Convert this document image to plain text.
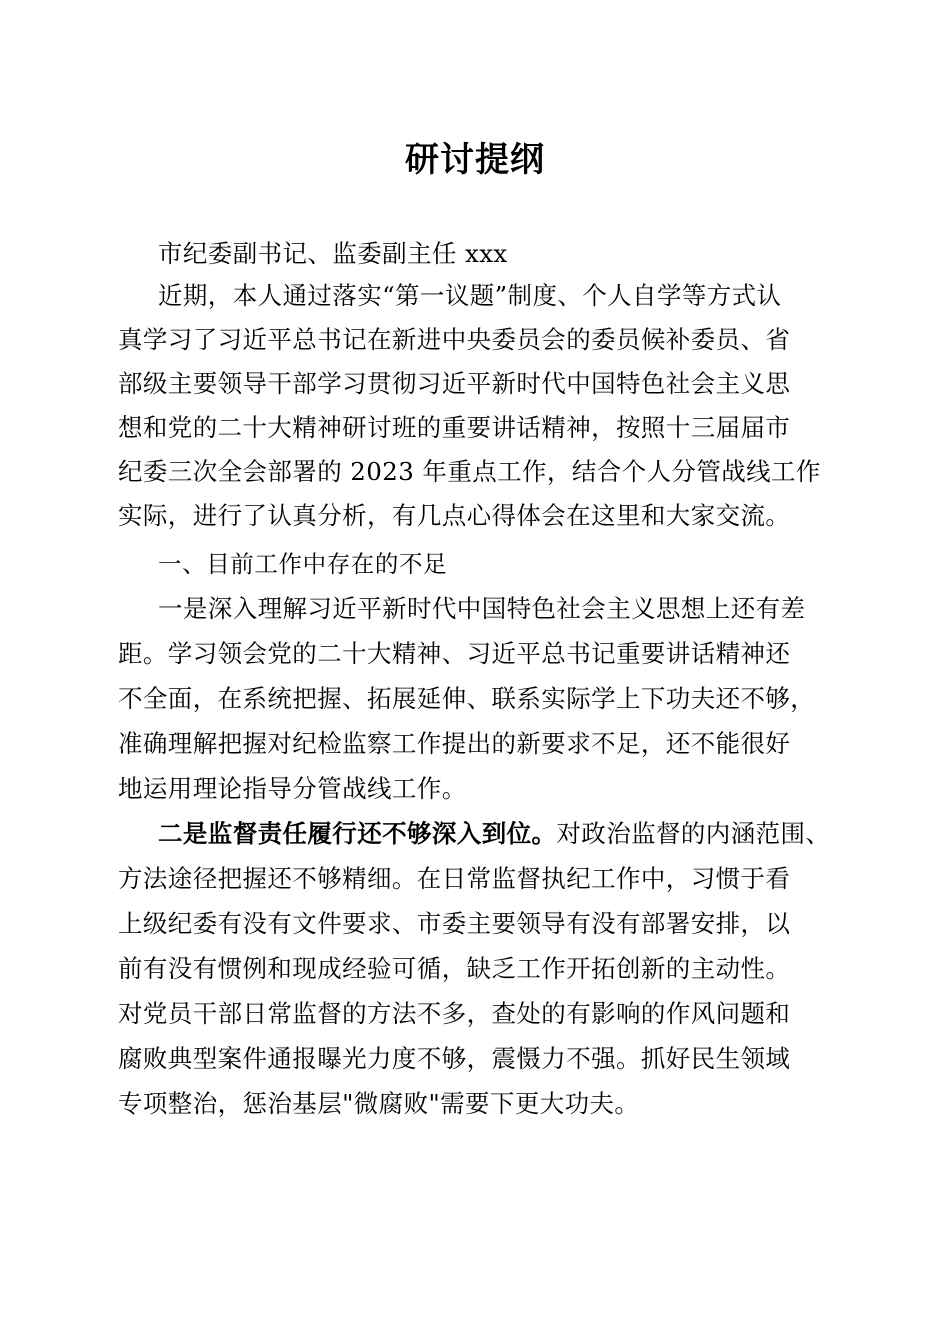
研讨提纲
市纪委副书记、监委副主任 xxx
近期，本人通过落实“第一议题”制度、个人自学等方式认
真学习了习近平总书记在新进中央委员会的委员候补委员、省
部级主要领导干部学习贯彻习近平新时代中国特色社会主义思
想和党的二十大精神研讨班的重要讲话精神，按照十三届届市
纪委三次全会部署的 2023 年重点工作，结合个人分管战线工作
实际，进行了认真分析，有几点心得体会在这里和大家交流。
一、目前工作中存在的不足
一是深入理解习近平新时代中国特色社会主义思想上还有差
距。学习领会党的二十大精神、习近平总书记重要讲话精神还
不全面，在系统把握、拓展延伸、联系实际学上下功夫还不够，
准确理解把握对纪检监察工作提出的新要求不足，还不能很好
地运用理论指导分管战线工作。
二是监督责任履行还不够深入到位。对政治监督的内涵范围、
方法途径把握还不够精细。在日常监督执纪工作中，习惯于看
上级纪委有没有文件要求、市委主要领导有没有部署安排，以
前有没有惯例和现成经验可循，缺乏工作开拓创新的主动性。
对党员干部日常监督的方法不多，查处的有影响的作风问题和
腐败典型案件通报曝光力度不够，震慑力不强。抓好民生领域
专项整治，惩治基层"微腐败"需要下更大功夫。
